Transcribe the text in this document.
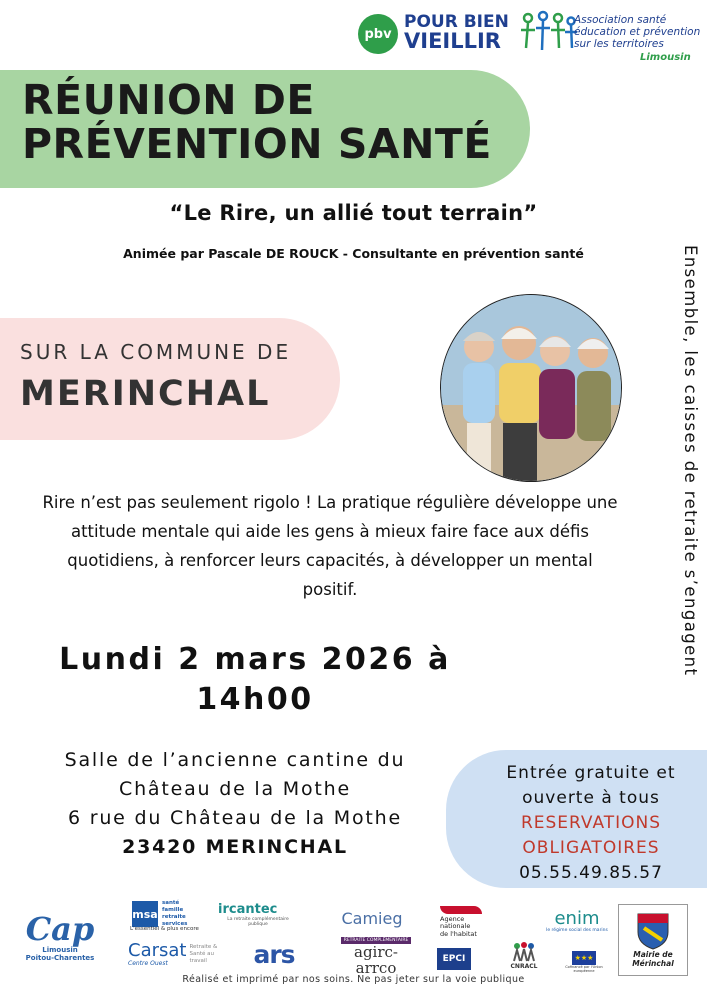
pbv
POUR BIEN
VIEILLIR
Association santé
éducation et prévention
sur les territoires
Limousin
RÉUNION DE
PRÉVENTION SANTÉ
“Le Rire, un allié tout terrain”
Animée par Pascale DE ROUCK - Consultante en prévention santé
SUR LA COMMUNE DE
MERINCHAL	Ensemble, les caisses de retraite s’engagent
Rire n’est pas seulement rigolo ! La pratique régulière développe une attitude mentale qui aide les gens à mieux faire face aux défis quotidiens, à renforcer leurs capacités, à développer un mental positif.
Lundi 2 mars 2026 à
14h00
Salle de l’ancienne cantine du
Château de la Mothe
6 rue du Château de la Mothe
23420 MERINCHAL
Entrée gratuite et
ouverte à tous
RESERVATIONS
OBLIGATOIRES
05.55.49.85.57
Cap
Limousin
Poitou-Charentes
msa
santé famille retraite services
L'essentiel & plus encore
Carsat
Centre Ouest
Retraite & Santé au travail
ircantec
La retraite complémentaire publique
ars
Camieg
RETRAITE COMPLÉMENTAIRE
agirc-arrco
Agence
nationale
de l'habitat
EPCI
CNRACL
enim
le régime social des marins
★★★
Cofinancé par l'Union européenne
Mairie de
Mérinchal
Réalisé et imprimé par nos soins. Ne pas jeter sur la voie publique
